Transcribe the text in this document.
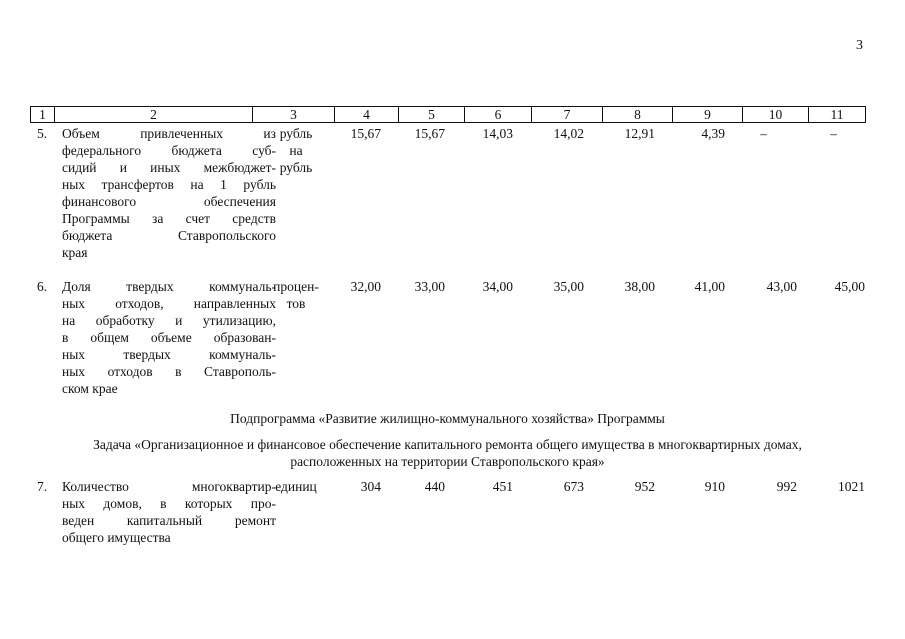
3
1	2	3	4	5	6	7	8	9	10	11
5. Объем привлеченных из
федерального бюджета суб-
сидий и иных межбюджет-
ных трансфертов на 1 рубль
финансового обеспечения
Программы за счет средств
бюджета Ставропольского
края
рубль
на
рубль
15,67 15,67	14,03	14,02	12,91	4,39	–	–
6. Доля твердых коммуналь-
ных отходов, направленных
на обработку и утилизацию,
в общем объеме образован-
ных твердых коммуналь-
ных отходов в Ставрополь-
ском крае
процен-
тов
32,00 33,00	34,00	35,00	38,00	41,00	43,00	45,00
Подпрограмма «Развитие жилищно-коммунального хозяйства» Программы
Задача «Организационное и финансовое обеспечение капитального ремонта общего имущества в многоквартирных домах,
расположенных на территории Ставропольского края»
7. Количество многоквартир-
ных домов, в которых про-
веден капитальный ремонт
общего имущества
единиц	304	440	451	673	952	910	992	1021
